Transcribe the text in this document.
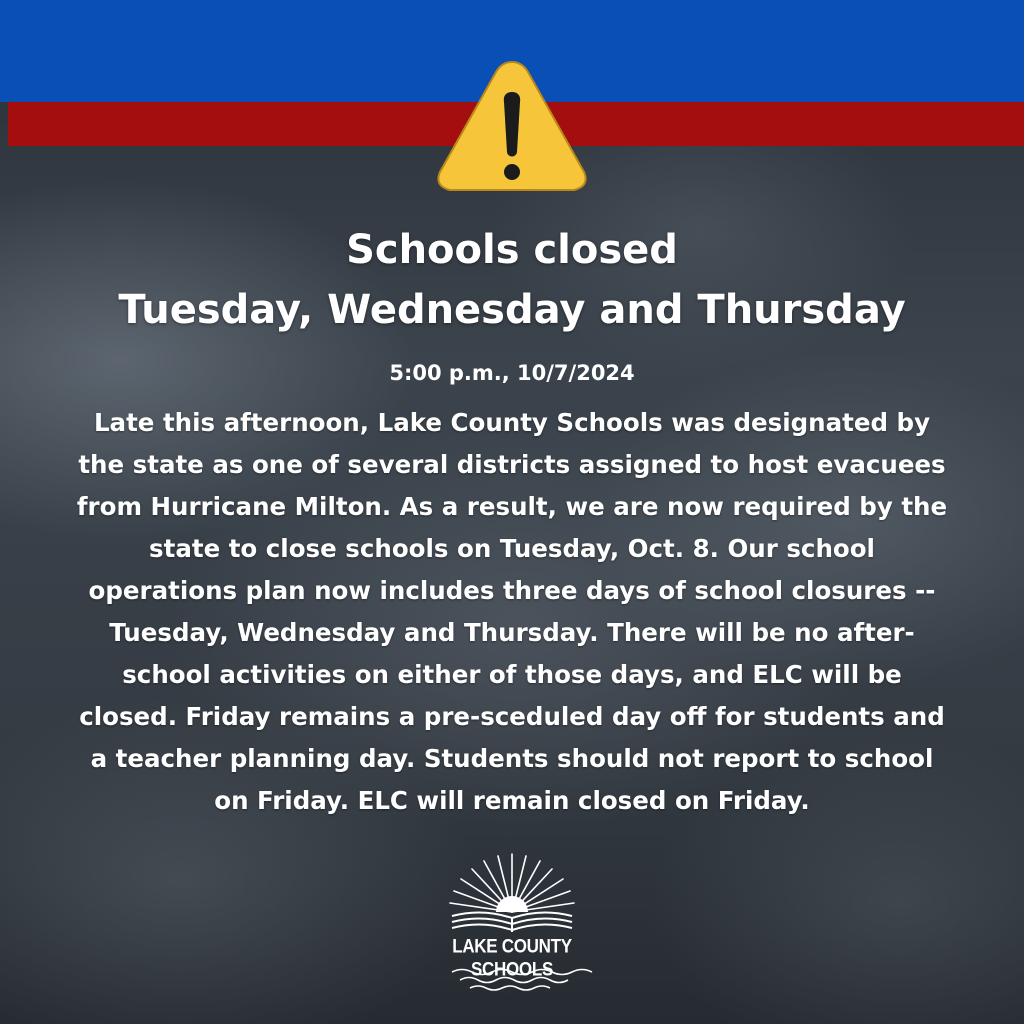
Schools closed
Tuesday, Wednesday and Thursday
5:00 p.m., 10/7/2024
Late this afternoon, Lake County Schools was designated by
the state as one of several districts assigned to host evacuees
from Hurricane Milton. As a result, we are now required by the
state to close schools on Tuesday, Oct. 8. Our school
operations plan now includes three days of school closures --
Tuesday, Wednesday and Thursday. There will be no after-
school activities on either of those days, and ELC will be
closed. Friday remains a pre-sceduled day off for students and
a teacher planning day. Students should not report to school
on Friday. ELC will remain closed on Friday.
LAKE COUNTY SCHOOLS
